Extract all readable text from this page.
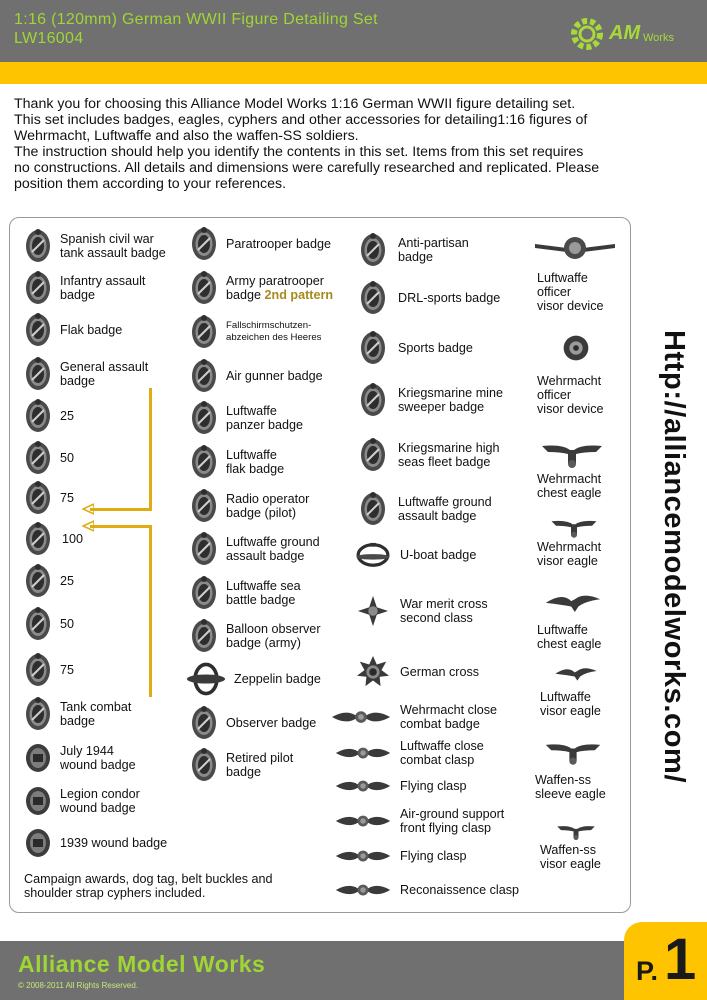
1:16 (120mm) German WWII Figure Detailing Set
LW16004	AM Works

Thank you for choosing this Alliance Model Works 1:16 German WWII figure detailing set.

This set includes badges, eagles, cyphers and other accessories for detailing1:16 figures of

Wehrmacht, Luftwaffe and also the waffen-SS soldiers.

The instruction should help you identify the contents in this set. Items from this set requires

no constructions. All details and dimensions were carefully researched and replicated. Please

position them according to your references.

Spanish civil war
tank assault badge
Infantry assault
badge
Flak badge
General assault
badge
25
50
75
100
25
50
75
Tank combat
badge
July 1944
wound badge
Legion condor
wound badge
1939 wound badge
Paratrooper badge
Army paratrooper
badge 2nd pattern
Fallschirmschutzen-
abzeichen des Heeres
Air gunner badge
Luftwaffe
panzer badge
Luftwaffe
flak badge
Radio operator
badge (pilot)
Luftwaffe ground
assault badge
Luftwaffe sea
battle badge
Balloon observer
badge (army)
Zeppelin badge
Observer badge
Retired pilot
badge
Anti-partisan
badge
DRL-sports badge
Sports badge
Kriegsmarine mine
sweeper badge
Kriegsmarine high
seas fleet badge
Luftwaffe ground
assault badge
U-boat badge
War merit cross
second class
German cross
Wehrmacht close
combat badge
Luftwaffe close
combat clasp
Flying clasp
Air-ground support
front flying clasp
Flying clasp
Reconaissence clasp
Luftwaffe
officer
visor device
Wehrmacht
officer
visor device
Wehrmacht
chest eagle
Wehrmacht
visor eagle
Luftwaffe
chest eagle
Luftwaffe
visor eagle
Waffen-ss
sleeve eagle
Waffen-ss
visor eagle
Campaign awards, dog tag, belt buckles and
shoulder strap cyphers included.
Http://alliancemodelworks.com/
Alliance Model Works
© 2008-2011 All Rights Reserved.	P. 1
